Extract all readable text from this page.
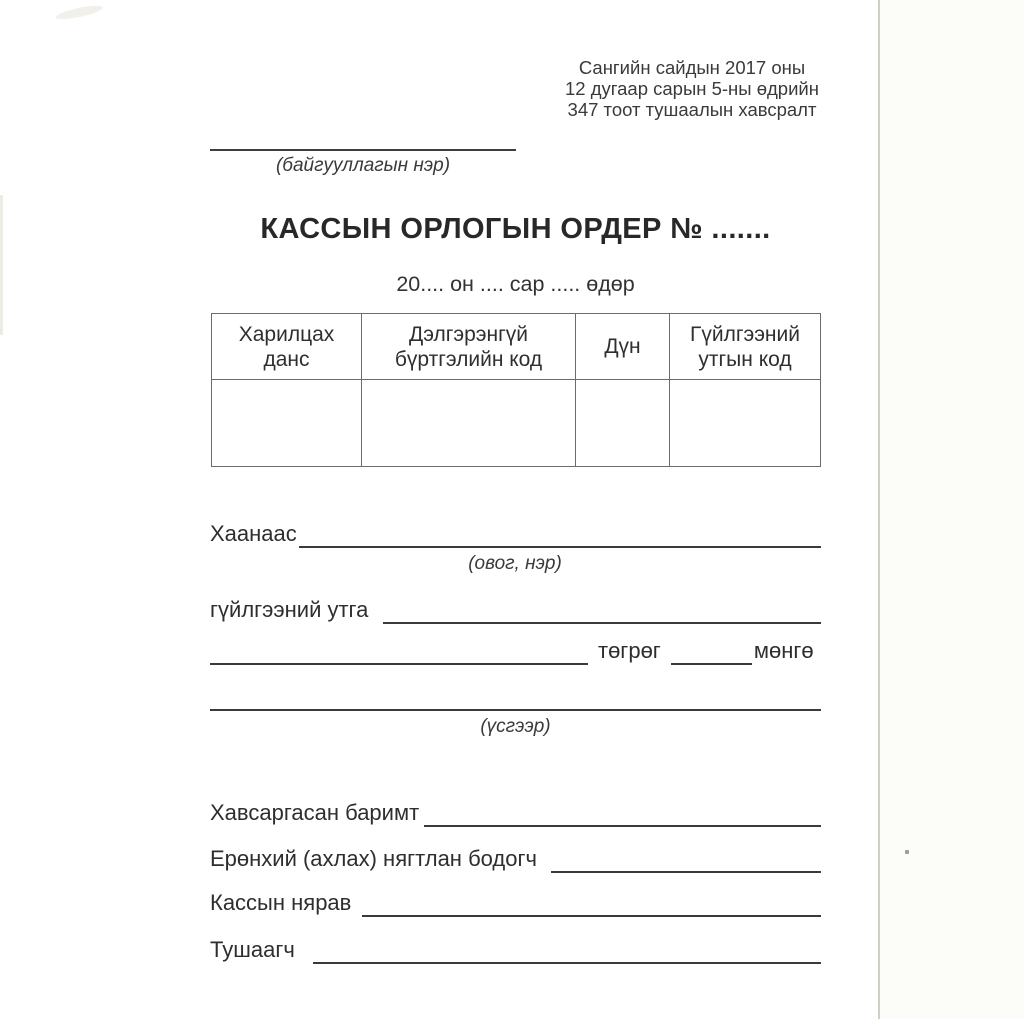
Сангийн сайдын 2017 оны
12 дугаар сарын 5-ны өдрийн
347 тоот тушаалын хавсралт
(байгууллагын нэр)
КАССЫН ОРЛОГЫН ОРДЕР № .......
20.... он .... сар ..... өдөр
Харилцах данс	Дэлгэрэнгүй бүртгэлийн код	Дүн	Гүйлгээний утгын код

Хаанаас
(овог, нэр)
гүйлгээний утга
төгрөг	мөнгө
(үсгээр)
Хавсаргасан баримт
Ерөнхий (ахлах) нягтлан бодогч
Кассын нярав
Тушаагч
